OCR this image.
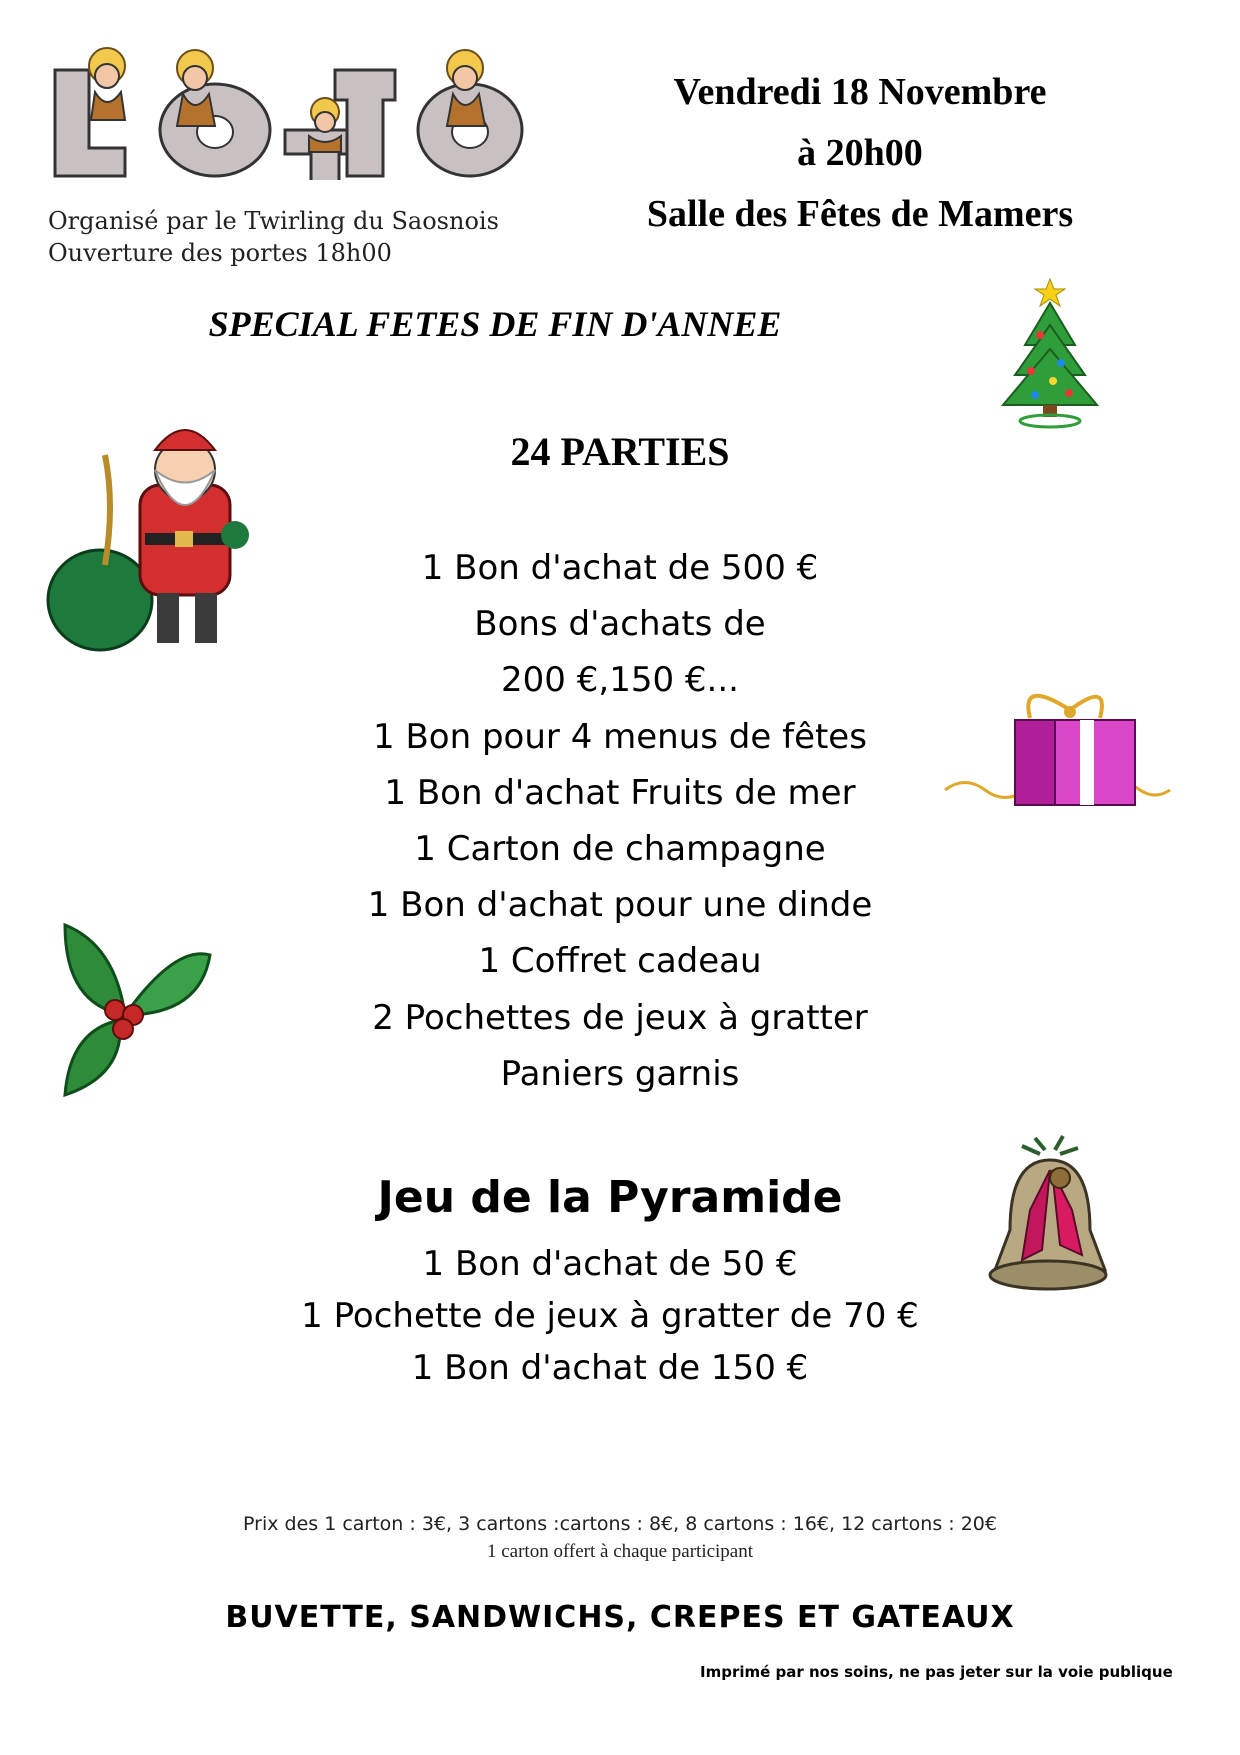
Organisé par le Twirling du Saosnois
Ouverture des portes 18h00
Vendredi 18 Novembre
à 20h00
Salle des Fêtes de Mamers
SPECIAL FETES DE FIN D'ANNEE
24 PARTIES
1 Bon d'achat de 500 €
Bons d'achats de
200 €,150 €...
1 Bon pour 4 menus de fêtes
1 Bon d'achat Fruits de mer
1 Carton de champagne
1 Bon d'achat pour une dinde
1 Coffret cadeau
2 Pochettes de jeux à gratter
Paniers garnis
Jeu de la Pyramide
1 Bon d'achat de 50 €
1 Pochette de jeux à gratter de 70 €
1 Bon d'achat de 150 €
Prix des 1 carton : 3€, 3 cartons :cartons : 8€, 8 cartons : 16€, 12 cartons : 20€
1 carton offert à chaque participant
BUVETTE, SANDWICHS, CREPES ET GATEAUX
Imprimé par nos soins, ne pas jeter sur la voie publique
